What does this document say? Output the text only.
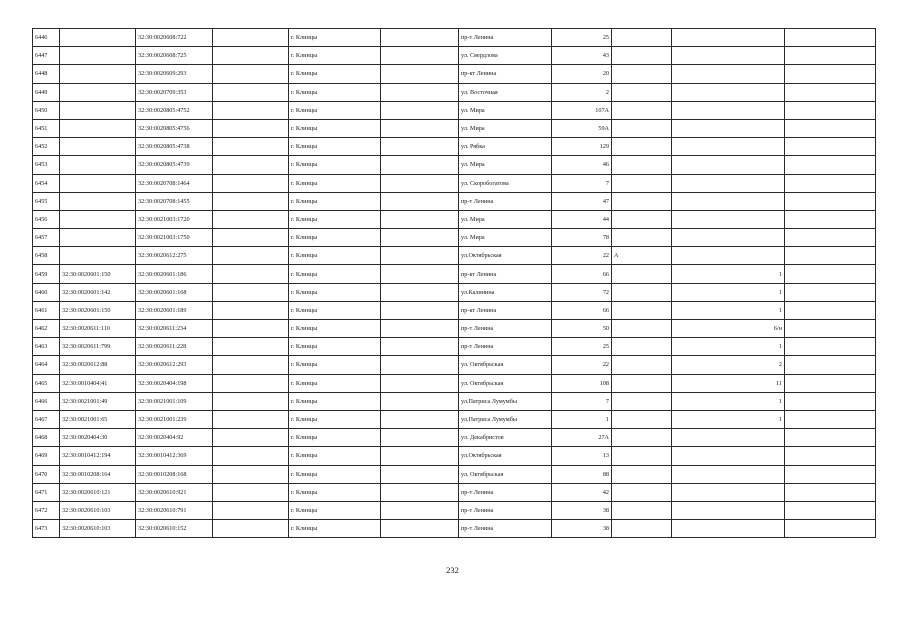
6446		32:30:0020608:722		г. Клинцы		пр-т Ленина	25			
6447		32:30:0020608:725		г. Клинцы		ул. Свердлова	43			
6448		32:30:0020609:293		г. Клинцы		пр-кт Ленина	20			
6449		32:30:0020709:353		г. Клинцы		ул. Восточная	2			
6450		32:30:0020805:4752		г. Клинцы		ул. Мира	107А			
6451		32:30:0020805:4756		г. Клинцы		ул. Мира	59А			
6452		32:30:0020805:4738		г. Клинцы		ул. Рябка	129			
6453		32:30:0020805:4739		г. Клинцы		ул. Мира	46			
6454		32:30:0020708:1464		г. Клинцы		ул. Скоробогатова	7			
6455		32:30:0020708:1455		г. Клинцы		пр-т Ленина	47			
6456		32:30:0021003:1720		г. Клинцы		ул. Мира	44			
6457		32:30:0021003:1750		г. Клинцы		ул. Мира	78			
6458		32:30:0020612:275		г. Клинцы		ул.Октябрьская	22	А		
6459	32:30:0020601:150	32:30:0020601:186		г. Клинцы		пр-кт Ленина	66		1	
6460	32:30:0020601:142	32:30:0020601:168		г. Клинцы		ул.Калинина	72		1	
6461	32:30:0020601:150	32:30:0020601:189		г. Клинцы		пр-кт Ленина	66		1	
6462	32:30:0020611:110	32:30:0020611:234		г. Клинцы		пр-т Ленина	50		6/н	
6463	32:30:0020611:799	32:30:0020611:228		г. Клинцы		пр-т Ленина	25		1	
6464	32:30:0020612:88	32:30:0020612:293		г. Клинцы		ул. Октябрьская	22		2	
6465	32:30:0010404:41	32:30:0020404:198		г. Клинцы		ул. Октябрьская	108		11	
6466	32:30:0021001:49	32:30:0021001:109		г. Клинцы		ул.Патриса Лумумбы	7		1	
6467	32:30:0021001:65	32:30:0021001:239		г. Клинцы		ул.Патриса Лумумбы	1		1	
6468	32:30:0020404:30	32:30:0020404:92		г. Клинцы		ул. Декабристов	27А			
6469	32:30:0010412:194	32:30:0010412:369		г. Клинцы		ул.Октябрьская	13			
6470	32:30:0010208:164	32:30:0010208:168		г. Клинцы		ул. Октябрьская	88			
6471	32:30:0020610:121	32:30:0020610:921		г. Клинцы		пр-т Ленина	42			
6472	32:30:0020610:103	32:30:0020610:791		г. Клинцы		пр-т Ленина	38			
6473	32:30:0020610:103	32:30:0020610:152		г. Клинцы		пр-т Ленина	38			
232
